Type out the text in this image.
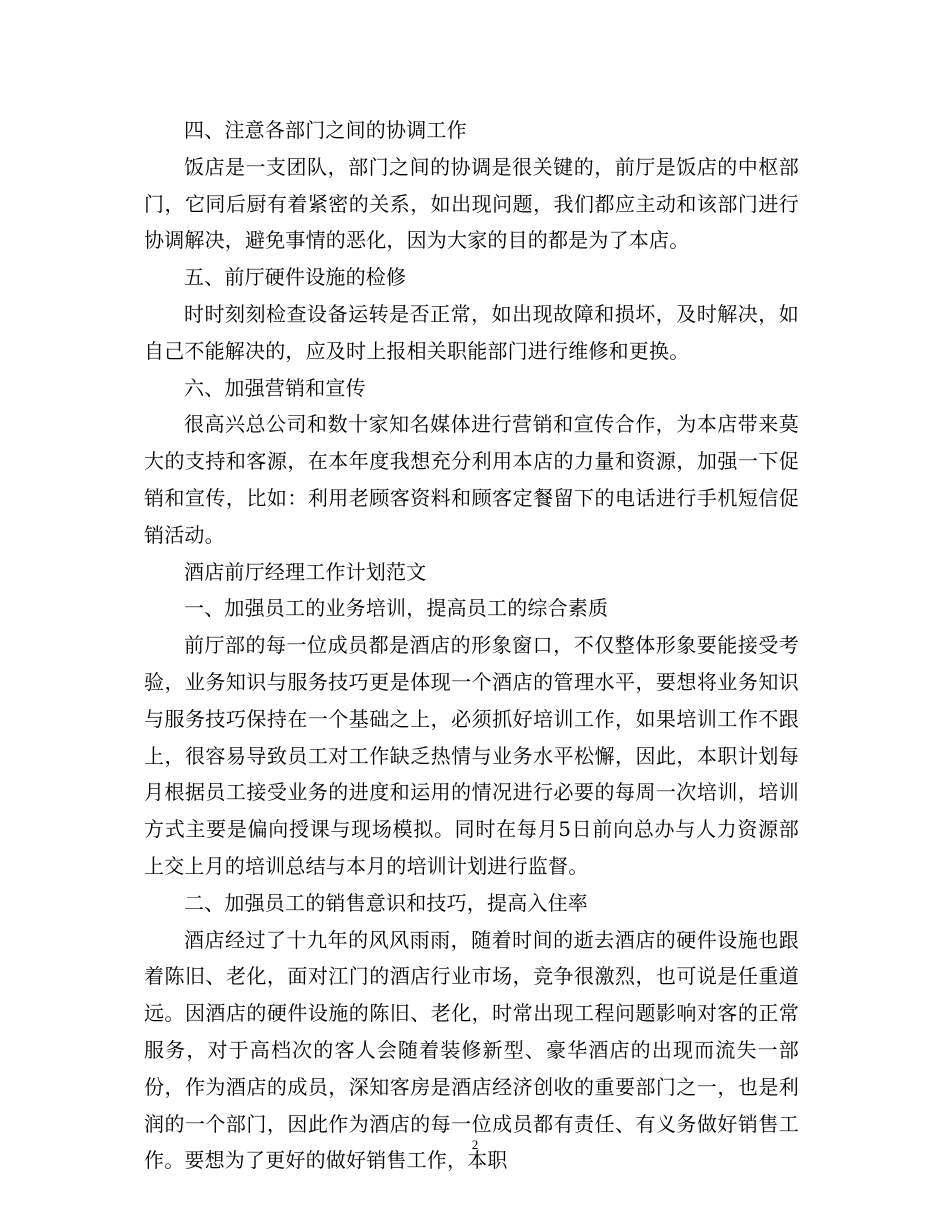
四、注意各部门之间的协调工作

饭店是一支团队，部门之间的协调是很关键的，前厅是饭店的中枢部门，它同后厨有着紧密的关系，如出现问题，我们都应主动和该部门进行协调解决，避免事情的恶化，因为大家的目的都是为了本店。

五、前厅硬件设施的检修

时时刻刻检查设备运转是否正常，如出现故障和损坏，及时解决，如自己不能解决的，应及时上报相关职能部门进行维修和更换。

六、加强营销和宣传

很高兴总公司和数十家知名媒体进行营销和宣传合作，为本店带来莫大的支持和客源，在本年度我想充分利用本店的力量和资源，加强一下促销和宣传，比如：利用老顾客资料和顾客定餐留下的电话进行手机短信促销活动。

酒店前厅经理工作计划范文

一、加强员工的业务培训，提高员工的综合素质

前厅部的每一位成员都是酒店的形象窗口，不仅整体形象要能接受考验，业务知识与服务技巧更是体现一个酒店的管理水平，要想将业务知识与服务技巧保持在一个基础之上，必须抓好培训工作，如果培训工作不跟上，很容易导致员工对工作缺乏热情与业务水平松懈，因此，本职计划每月根据员工接受业务的进度和运用的情况进行必要的每周一次培训，培训方式主要是偏向授课与现场模拟。同时在每月5日前向总办与人力资源部上交上月的培训总结与本月的培训计划进行监督。

二、加强员工的销售意识和技巧，提高入住率

酒店经过了十九年的风风雨雨，随着时间的逝去酒店的硬件设施也跟着陈旧、老化，面对江门的酒店行业市场，竞争很激烈，也可说是任重道远。因酒店的硬件设施的陈旧、老化，时常出现工程问题影响对客的正常服务，对于高档次的客人会随着装修新型、豪华酒店的出现而流失一部份，作为酒店的成员，深知客房是酒店经济创收的重要部门之一，也是利润的一个部门，因此作为酒店的每一位成员都有责任、有义务做好销售工作。要想为了更好的做好销售工作，本职

2
